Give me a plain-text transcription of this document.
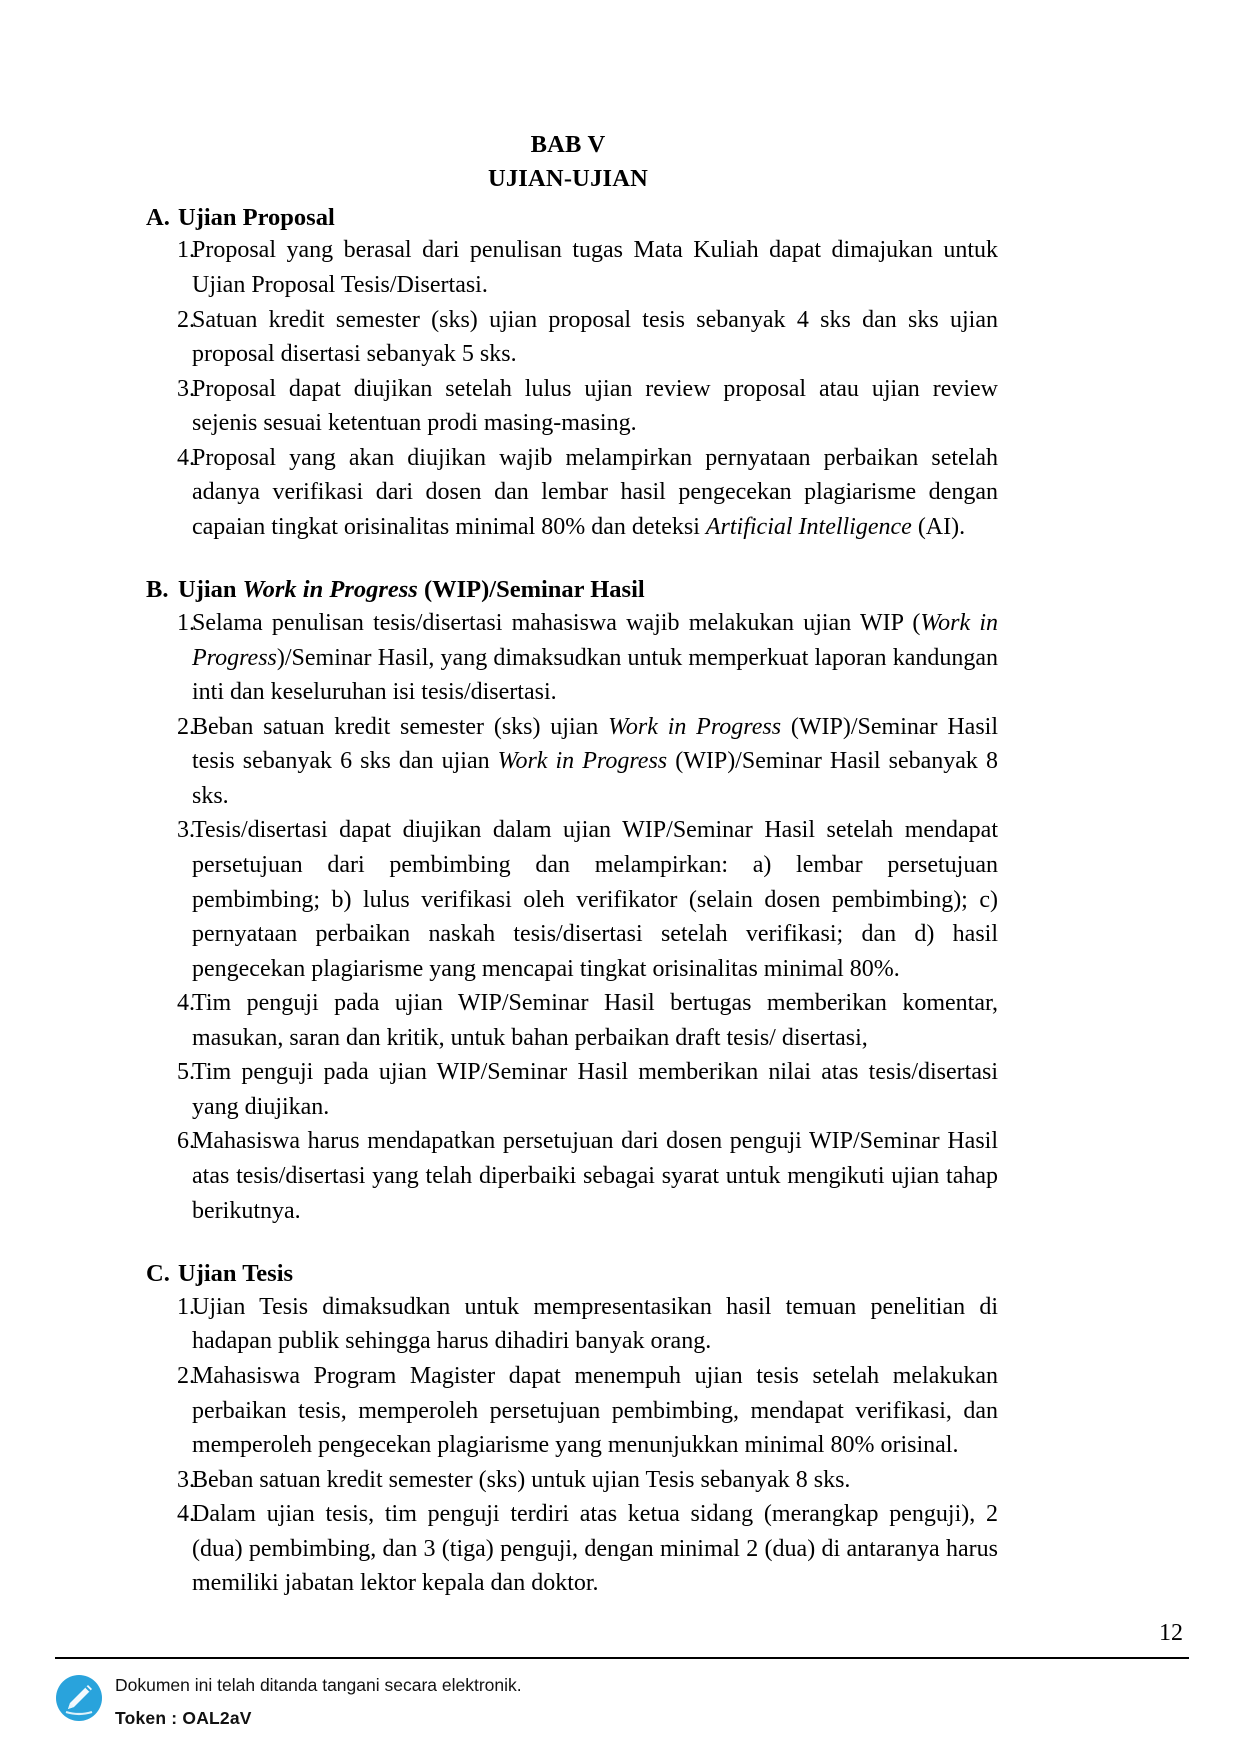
BAB V
UJIAN-UJIAN
A. Ujian Proposal
1.
Proposal yang berasal dari penulisan tugas Mata Kuliah dapat dimajukan untuk Ujian Proposal Tesis/Disertasi.
2.
Satuan kredit semester (sks) ujian proposal tesis sebanyak 4 sks dan sks ujian proposal disertasi sebanyak 5 sks.
3.
Proposal dapat diujikan setelah lulus ujian review proposal atau ujian review sejenis sesuai ketentuan prodi masing-masing.
4.
Proposal yang akan diujikan wajib melampirkan pernyataan perbaikan setelah adanya verifikasi dari dosen dan lembar hasil pengecekan plagiarisme dengan capaian tingkat orisinalitas minimal 80% dan deteksi Artificial Intelligence (AI).
B. Ujian Work in Progress (WIP)/Seminar Hasil
1.
Selama penulisan tesis/disertasi mahasiswa wajib melakukan ujian WIP (Work in Progress)/Seminar Hasil, yang dimaksudkan untuk memperkuat laporan kandungan inti dan keseluruhan isi tesis/disertasi.
2.
Beban satuan kredit semester (sks) ujian Work in Progress (WIP)/Seminar Hasil tesis sebanyak 6 sks dan ujian Work in Progress (WIP)/Seminar Hasil sebanyak 8 sks.
3.
Tesis/disertasi dapat diujikan dalam ujian WIP/Seminar Hasil setelah mendapat persetujuan dari pembimbing dan melampirkan: a) lembar persetujuan pembimbing; b) lulus verifikasi oleh verifikator (selain dosen pembimbing); c) pernyataan perbaikan naskah tesis/disertasi setelah verifikasi; dan d) hasil pengecekan plagiarisme yang mencapai tingkat orisinalitas minimal 80%.
4.
Tim penguji pada ujian WIP/Seminar Hasil bertugas memberikan komentar, masukan, saran dan kritik, untuk bahan perbaikan draft tesis/ disertasi,
5.
Tim penguji pada ujian WIP/Seminar Hasil memberikan nilai atas tesis/disertasi yang diujikan.
6.
Mahasiswa harus mendapatkan persetujuan dari dosen penguji WIP/Seminar Hasil atas tesis/disertasi yang telah diperbaiki sebagai syarat untuk mengikuti ujian tahap berikutnya.
C. Ujian Tesis
1.
Ujian Tesis dimaksudkan untuk mempresentasikan hasil temuan penelitian di hadapan publik sehingga harus dihadiri banyak orang.
2.
Mahasiswa Program Magister dapat menempuh ujian tesis setelah melakukan perbaikan tesis, memperoleh persetujuan pembimbing, mendapat verifikasi, dan memperoleh pengecekan plagiarisme yang menunjukkan minimal 80% orisinal.
3.
Beban satuan kredit semester (sks) untuk ujian Tesis sebanyak 8 sks.
4.
Dalam ujian tesis, tim penguji terdiri atas ketua sidang (merangkap penguji), 2 (dua) pembimbing, dan 3 (tiga) penguji, dengan minimal 2 (dua) di antaranya harus memiliki jabatan lektor kepala dan doktor.
12
Dokumen ini telah ditanda tangani secara elektronik.
Token : OAL2aV
